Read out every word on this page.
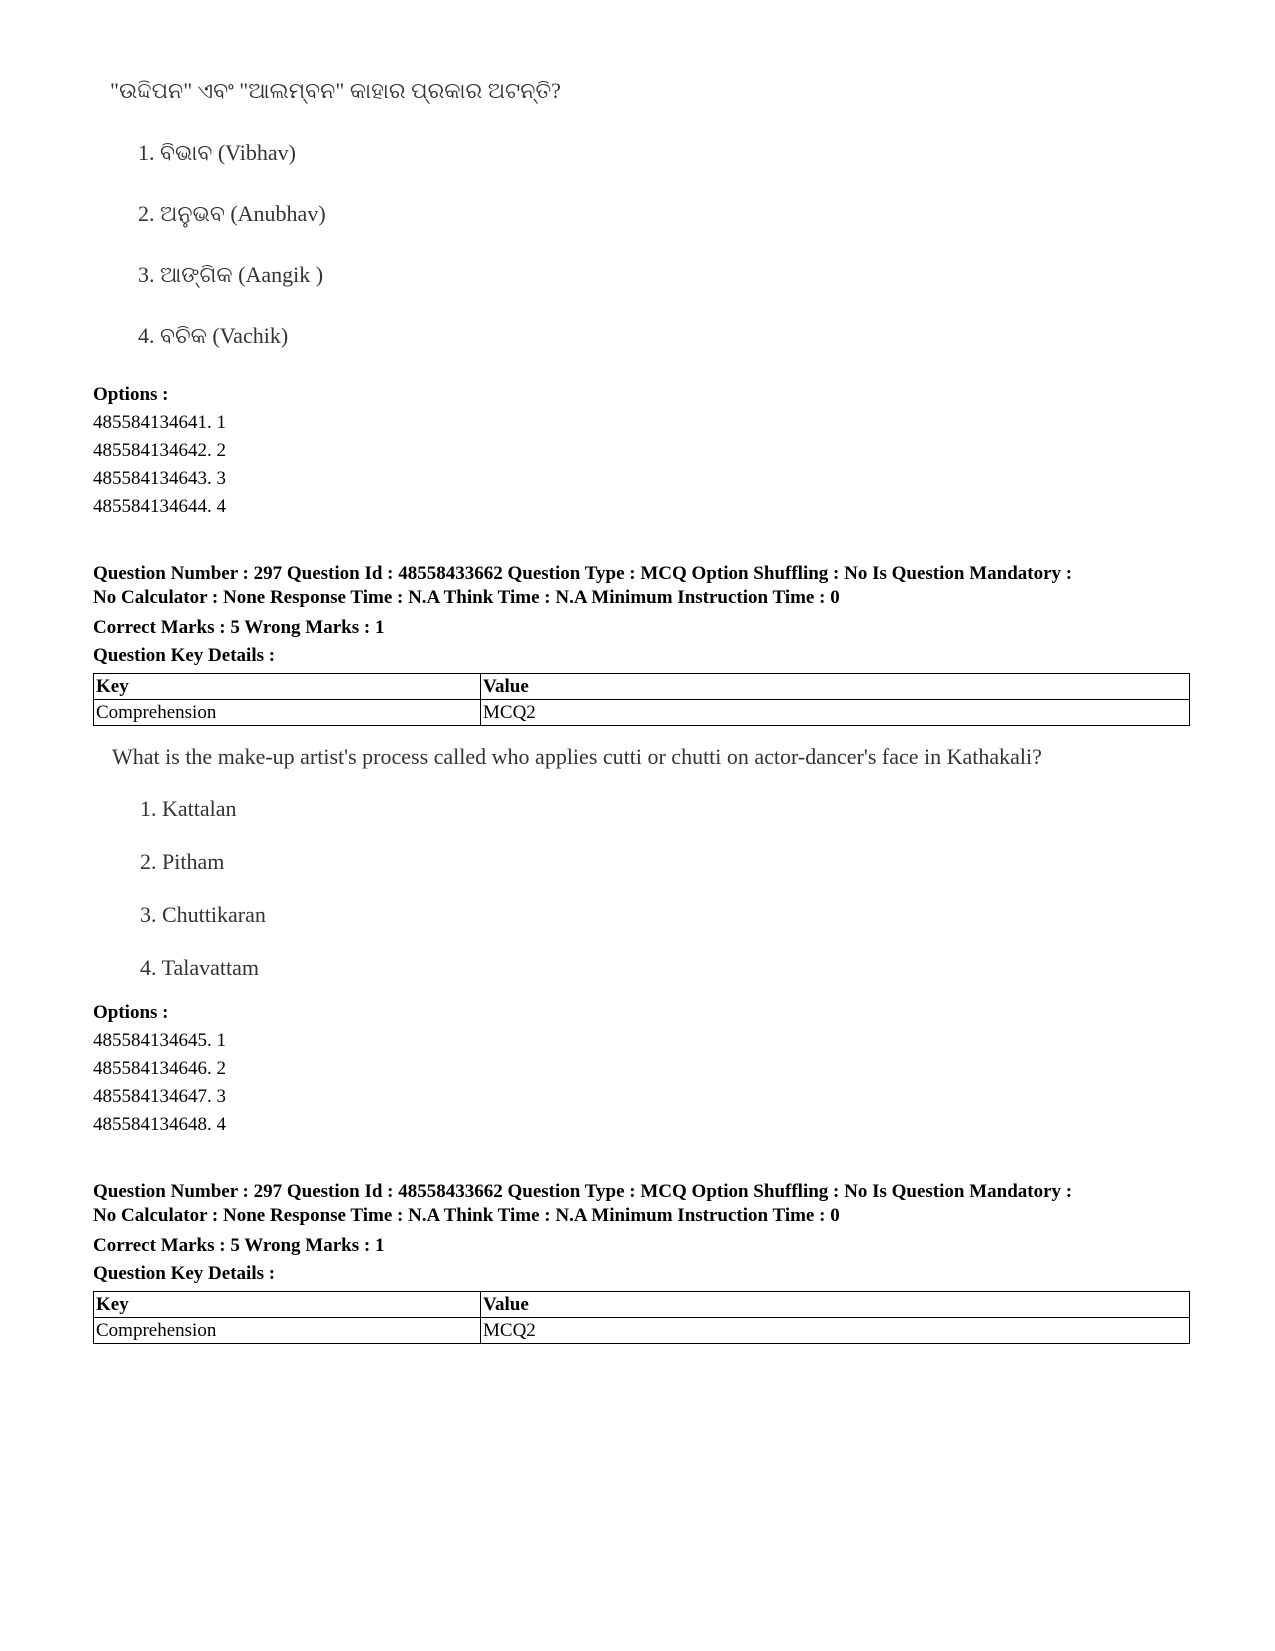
"ଉଦ୍ଦିପନ" ଏବଂ "ଆଲମ୍ବନ" କାହାର ପ୍ରକାର ଅଟନ୍ତି?
1. ବିଭାବ (Vibhav)
2. ଅନୁଭବ (Anubhav)
3. ଆଙ୍ଗିକ (Aangik )
4. ବଚିକ (Vachik)
Options :
485584134641. 1
485584134642. 2
485584134643. 3
485584134644. 4
Question Number : 297 Question Id : 48558433662 Question Type : MCQ Option Shuffling : No Is Question Mandatory :
No Calculator : None Response Time : N.A Think Time : N.A Minimum Instruction Time : 0
Correct Marks : 5 Wrong Marks : 1
Question Key Details :
Key	Value
Comprehension	MCQ2
What is the make-up artist's process called who applies cutti or chutti on actor-dancer's face in Kathakali?
1. Kattalan
2. Pitham
3. Chuttikaran
4. Talavattam
Options :
485584134645. 1
485584134646. 2
485584134647. 3
485584134648. 4
Question Number : 297 Question Id : 48558433662 Question Type : MCQ Option Shuffling : No Is Question Mandatory :
No Calculator : None Response Time : N.A Think Time : N.A Minimum Instruction Time : 0
Correct Marks : 5 Wrong Marks : 1
Question Key Details :
Key	Value
Comprehension	MCQ2
